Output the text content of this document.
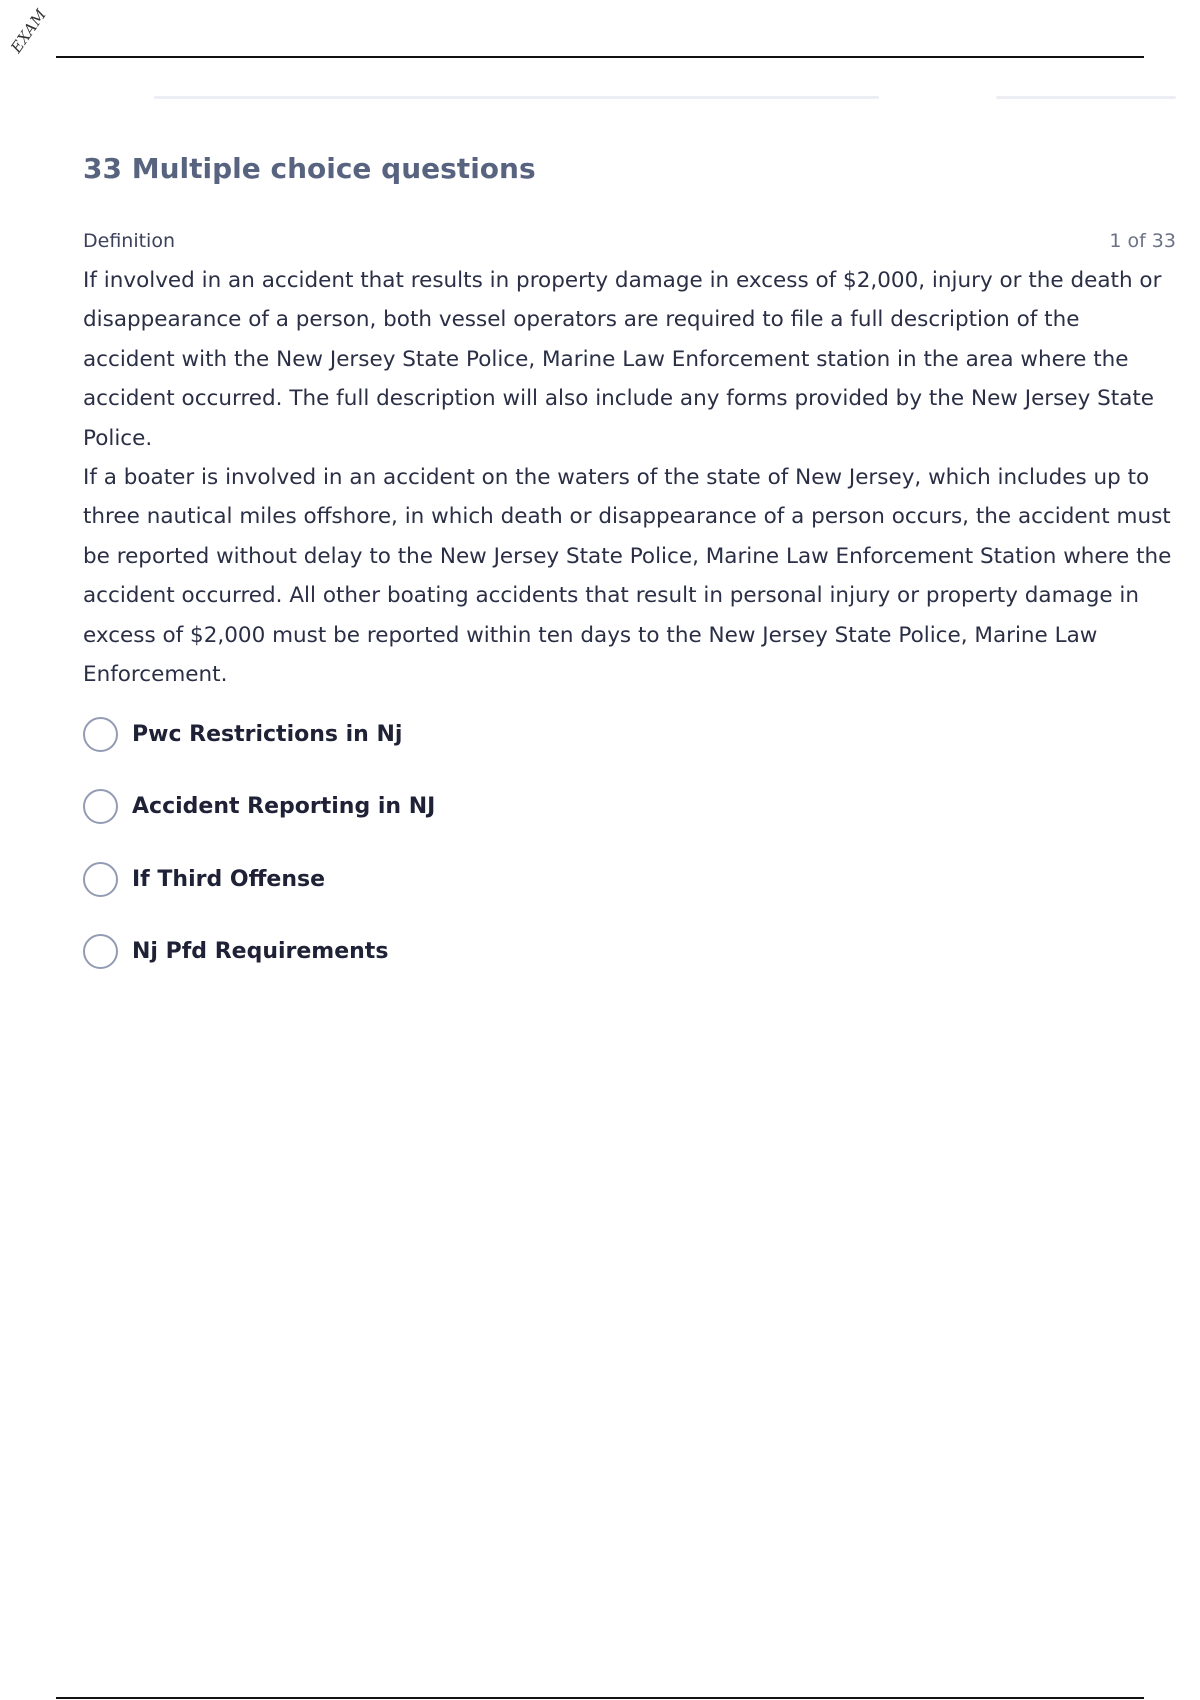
EXAM
33 Multiple choice questions
Definition	1 of 33

If involved in an accident that results in property damage in excess of $2,000, injury or the death or disappearance of a person, both vessel operators are required to file a full description of the accident with the New Jersey State Police, Marine Law Enforcement station in the area where the accident occurred. The full description will also include any forms provided by the New Jersey State Police.

If a boater is involved in an accident on the waters of the state of New Jersey, which includes up to three nautical miles offshore, in which death or disappearance of a person occurs, the accident must be reported without delay to the New Jersey State Police, Marine Law Enforcement Station where the accident occurred. All other boating accidents that result in personal injury or property damage in excess of $2,000 must be reported within ten days to the New Jersey State Police, Marine Law Enforcement.

Pwc Restrictions in Nj
Accident Reporting in NJ
If Third Offense
Nj Pfd Requirements
